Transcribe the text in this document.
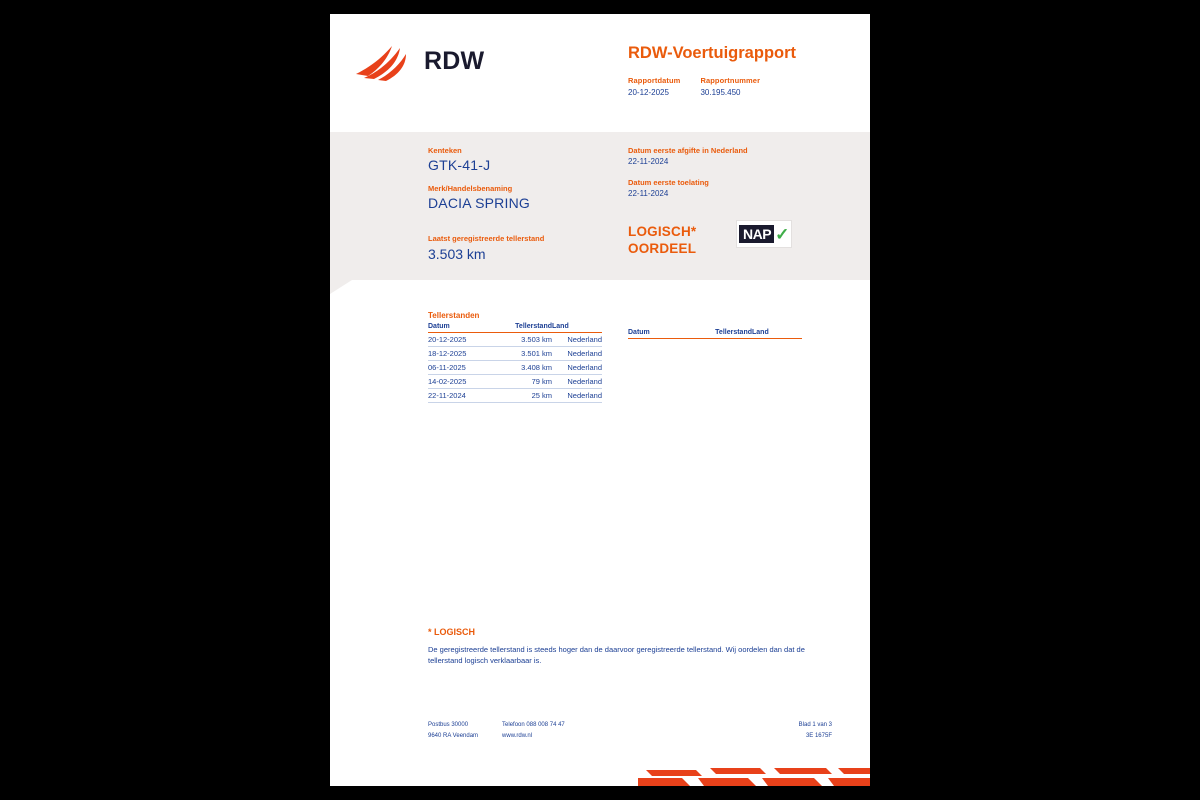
RDW	RDW-Voertuigrapport
Rapportdatum
20-12-2025
Rapportnummer
30.195.450
Kenteken
GTK-41-J
Merk/Handelsbenaming
DACIA SPRING
Datum eerste afgifte in Nederland
22-11-2024
Datum eerste toelating
22-11-2024
Laatst geregistreerde tellerstand
3.503 km
LOGISCH*
OORDEEL
NAP ✓
Tellerstanden
Datum	Tellerstand	Land
20-12-2025	3.503 km	Nederland
18-12-2025	3.501 km	Nederland
06-11-2025	3.408 km	Nederland
14-02-2025	79 km	Nederland
22-11-2024	25 km	Nederland
Datum	Tellerstand	Land
* LOGISCH
De geregistreerde tellerstand is steeds hoger dan de daarvoor geregistreerde tellerstand. Wij oordelen dan dat de tellerstand logisch verklaarbaar is.
Postbus 30000
9640 RA Veendam
Telefoon 088 008 74 47
www.rdw.nl
Blad 1 van 3
3E 1675F
